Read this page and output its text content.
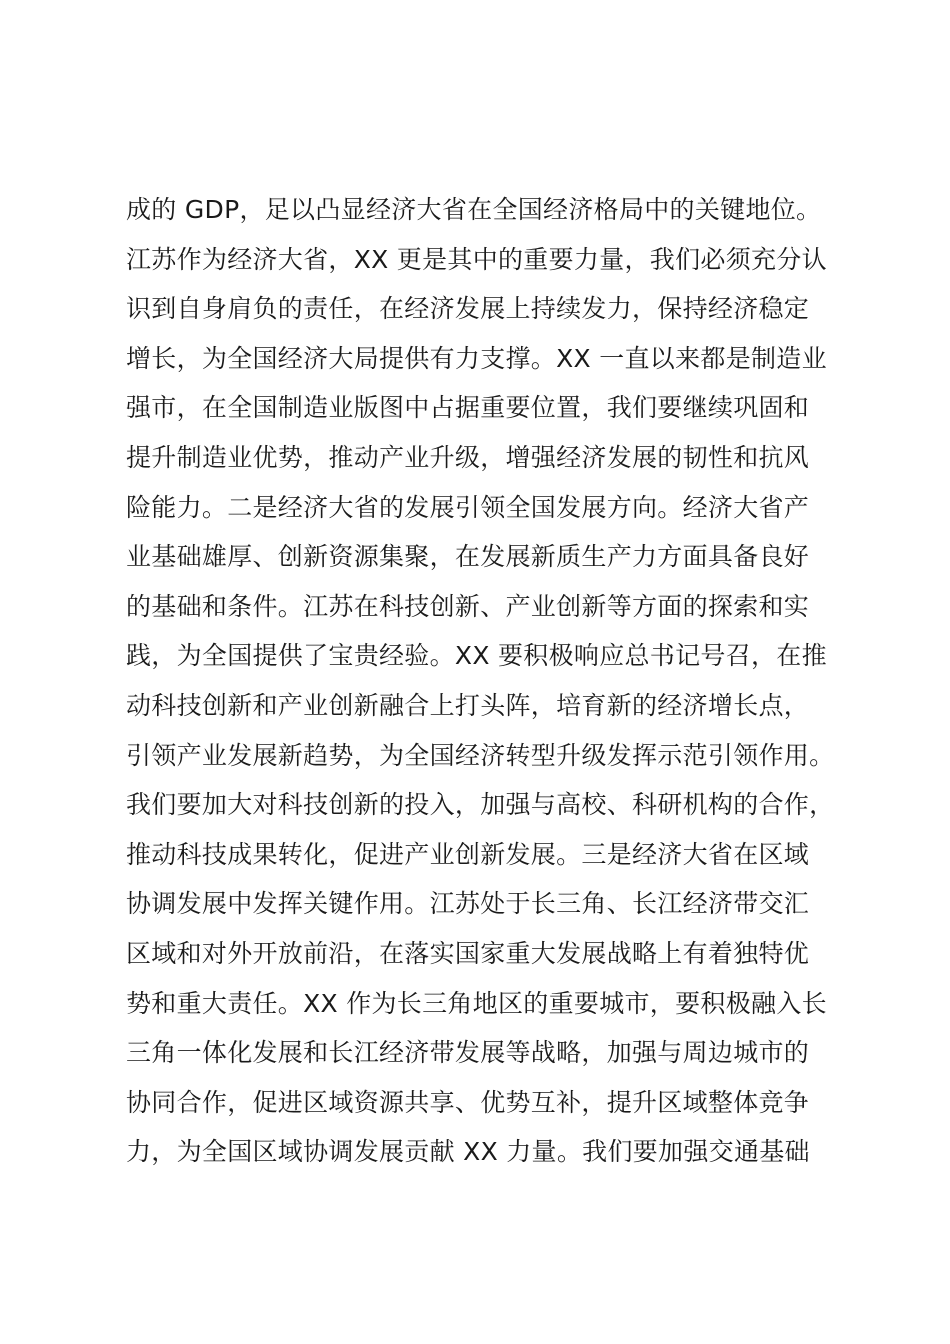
成的 GDP，足以凸显经济大省在全国经济格局中的关键地位。
江苏作为经济大省，XX 更是其中的重要力量，我们必须充分认
识到自身肩负的责任，在经济发展上持续发力，保持经济稳定
增长，为全国经济大局提供有力支撑。XX 一直以来都是制造业
强市，在全国制造业版图中占据重要位置，我们要继续巩固和
提升制造业优势，推动产业升级，增强经济发展的韧性和抗风
险能力。二是经济大省的发展引领全国发展方向。经济大省产
业基础雄厚、创新资源集聚，在发展新质生产力方面具备良好
的基础和条件。江苏在科技创新、产业创新等方面的探索和实
践，为全国提供了宝贵经验。XX 要积极响应总书记号召，在推
动科技创新和产业创新融合上打头阵，培育新的经济增长点，
引领产业发展新趋势，为全国经济转型升级发挥示范引领作用。
我们要加大对科技创新的投入，加强与高校、科研机构的合作，
推动科技成果转化，促进产业创新发展。三是经济大省在区域
协调发展中发挥关键作用。江苏处于长三角、长江经济带交汇
区域和对外开放前沿，在落实国家重大发展战略上有着独特优
势和重大责任。XX 作为长三角地区的重要城市，要积极融入长
三角一体化发展和长江经济带发展等战略，加强与周边城市的
协同合作，促进区域资源共享、优势互补，提升区域整体竞争
力，为全国区域协调发展贡献 XX 力量。我们要加强交通基础
